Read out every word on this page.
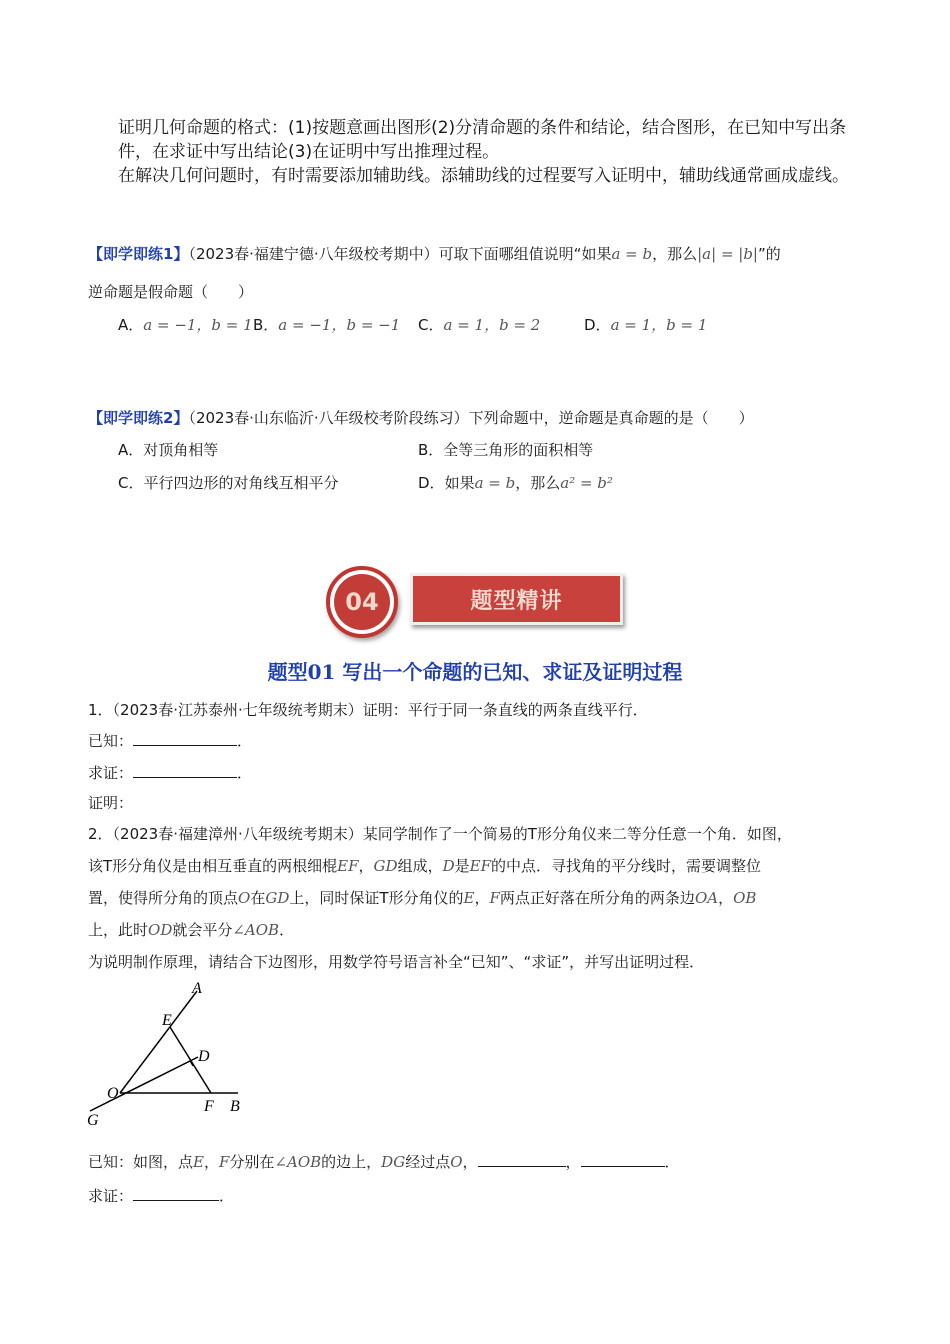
证明几何命题的格式：(1)按题意画出图形(2)分清命题的条件和结论，结合图形，在已知中写出条件，在求证中写出结论(3)在证明中写出推理过程。

在解决几何问题时，有时需要添加辅助线。添辅助线的过程要写入证明中，辅助线通常画成虚线。

【即学即练1】（2023春·福建宁德·八年级校考期中）可取下面哪组值说明“如果a = b，那么|a| = |b|”的
逆命题是假命题（　　）
A．a = −1，b = 1 B．a = −1，b = −1 C．a = 1，b = 2	D．a = 1，b = 1
【即学即练2】（2023春·山东临沂·八年级校考阶段练习）下列命题中，逆命题是真命题的是（　　）
A．对顶角相等	B．全等三角形的面积相等
C．平行四边形的对角线互相平分	D．如果a = b，那么a² = b²
04	题型精讲
题型01 写出一个命题的已知、求证及证明过程
1．（2023春·江苏泰州·七年级统考期末）证明：平行于同一条直线的两条直线平行．
已知：	．
求证：	．
证明：
2．（2023春·福建漳州·八年级统考期末）某同学制作了一个简易的T形分角仪来二等分任意一个角．如图，
该T形分角仪是由相互垂直的两根细棍EF，GD组成，D是EF的中点．寻找角的平分线时，需要调整位
置，使得所分角的顶点O在GD上，同时保证T形分角仪的E，F两点正好落在所分角的两条边OA，OB
上，此时OD就会平分∠AOB．
为说明制作原理，请结合下边图形，用数学符号语言补全“已知”、“求证”，并写出证明过程．
A
E
D
O
F B
G
已知：如图，点E，F分别在∠AOB的边上，DG经过点O，	，	．
求证：	．
